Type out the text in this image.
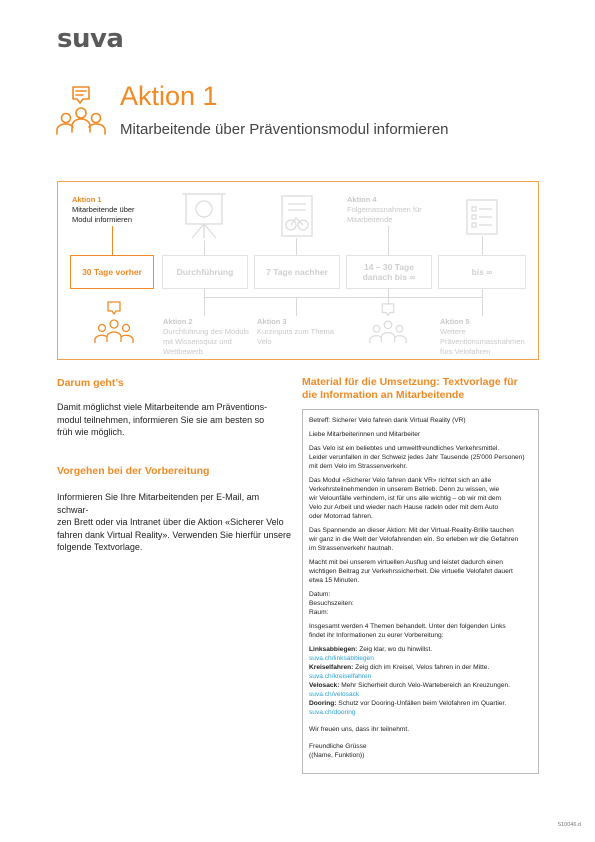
suva
Aktion 1
Mitarbeitende über Präventionsmodul informieren
Aktion 1
Mitarbeitende über Modul informieren
Aktion 4
Folgemassnahmen für Mitarbeitende
Aktion 2
Durchführung des Moduls mit Wissensquiz und Wettbewerb
Aktion 3
Kurzinputs zum Thema Velo
Aktion 5
Weitere Präventionsmassnahmen fürs Velofahren
30 Tage vorher	Durchführung	7 Tage nachher	14 – 30 Tage
danach bis ∞	bis ∞
Darum geht’s
Damit möglichst viele Mitarbeitende am Präventions-
modul teilnehmen, informieren Sie sie am besten so
früh wie möglich.
Vorgehen bei der Vorbereitung
Informieren Sie Ihre Mitarbeitenden per E-Mail, am schwar-
zen Brett oder via Intranet über die Aktion «Sicherer Velo
fahren dank Virtual Reality». Verwenden Sie hierfür unsere
folgende Textvorlage.
Material für die Umsetzung: Textvorlage für
die Information an Mitarbeitende

Betreff: Sicherer Velo fahren dank Virtual Reality (VR)

Liebe Mitarbeiterinnen und Mitarbeiter

Das Velo ist ein beliebtes und umweltfreundliches Verkehrsmittel.
Leider verunfallen in der Schweiz jedes Jahr Tausende (25'000 Personen)
mit dem Velo im Strassenverkehr.

Das Modul «Sicherer Velo fahren dank VR» richtet sich an alle
Verkehrsteilnehmenden in unserem Betrieb. Denn zu wissen, wie
wir Velounfälle verhindern, ist für uns alle wichtig – ob wir mit dem
Velo zur Arbeit und wieder nach Hause radeln oder mit dem Auto
oder Motorrad fahren.

Das Spannende an dieser Aktion: Mit der Virtual-Reality-Brille tauchen
wir ganz in die Welt der Velofahrenden ein. So erleben wir die Gefahren
im Strassenverkehr hautnah.

Macht mit bei unserem virtuellen Ausflug und leistet dadurch einen
wichtigen Beitrag zur Verkehrssicherheit. Die virtuelle Velofahrt dauert
etwa 15 Minuten.

Datum:
Besuchszeiten:
Raum:

Insgesamt werden 4 Themen behandelt. Unter den folgenden Links
findet ihr Informationen zu eurer Vorbereitung:

Linksabbiegen: Zeig klar, wo du hinwillst.
suva.ch/linksabbiegen
Kreiselfahren: Zeig dich im Kreisel, Velos fahren in der Mitte.
suva.ch/kreiselfahren
Velosack: Mehr Sicherheit durch Velo-Wartebereich an Kreuzungen.
suva.ch/velosack
Dooring: Schutz vor Dooring-Unfällen beim Velofahren im Quartier.
suva.ch/dooring

Wir freuen uns, dass ihr teilnehmt.

Freundliche Grüsse
((Name, Funktion))

S10046.d
